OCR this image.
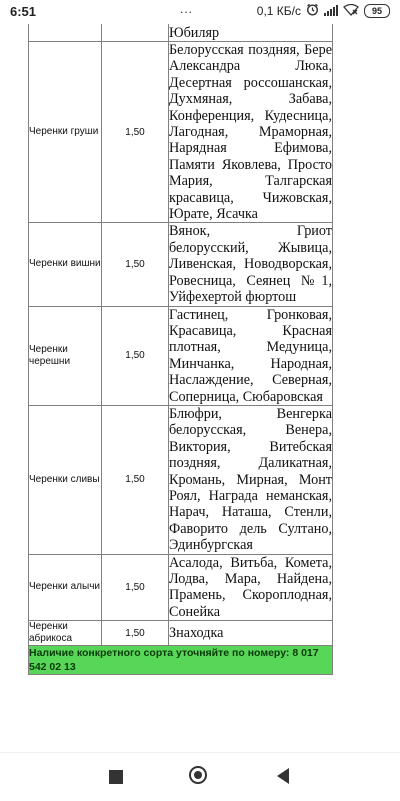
6:51	...	0,1 КБ/с	95
		Юбиляр
Черенки груши	1,50	Белорусская поздняя, Бере Александра Люка, Десертная россошанская, Духмяная, Забава, Конференция, Кудесница, Лагодная, Мраморная, Нарядная Ефимова, Памяти Яковлева, Просто Мария, Талгарская красавица, Чижовская, Юрате, Ясачка
Черенки вишни	1,50	Вянок, Гриот белорусский, Жывица, Ливенская, Новодворская, Ровесница, Сеянец №1, Уйфехертой фюртош
Черенки черешни	1,50	Гастинец, Гронковая, Красавица, Красная плотная, Медуница, Минчанка, Народная, Наслаждение, Северная, Соперница, Сюбаровская
Черенки сливы	1,50	Блюфри, Венгерка белорусская, Венера, Виктория, Витебская поздняя, Даликатная, Кромань, Мирная, Монт Роял, Награда неманская, Нарач, Наташа, Стенли, Фаворито дель Султано, Эдинбургская
Черенки алычи	1,50	Асалода, Витьба, Комета, Лодва, Мара, Найдена, Прамень, Скороплодная, Сонейка
Черенки абрикоса	1,50	Знаходка
Наличие конкретного сорта уточняйте по номеру: 8 017 542 02 13		
